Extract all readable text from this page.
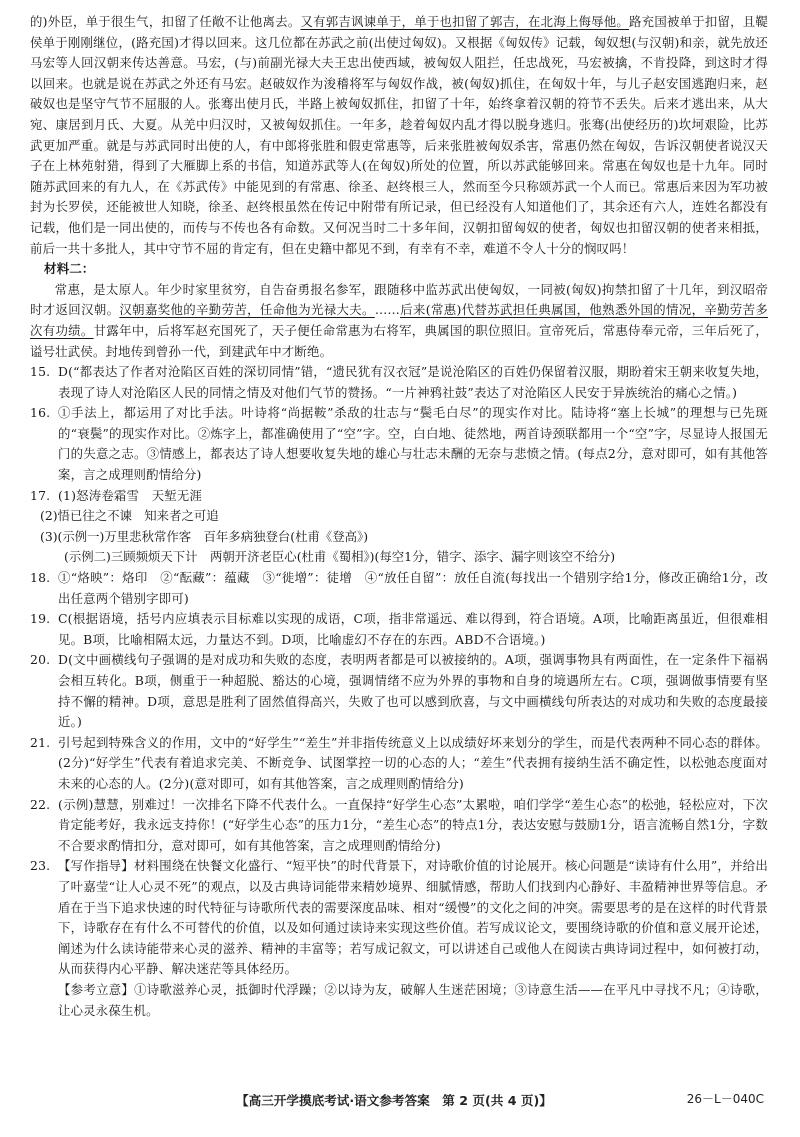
的)外臣，单于很生气，扣留了任敞不让他离去。又有郭吉讽谏单于，单于也扣留了郭吉，在北海上侮辱他。路充国被单于扣留，且鞮侯单于刚刚继位，(路充国)才得以回来。这几位都在苏武之前(出使过匈奴)。又根据《匈奴传》记载，匈奴想(与汉朝)和亲，就先放还马宏等人回汉朝来传达善意。马宏，(与)前副光禄大夫王忠出使西域，被匈奴人阻拦，任忠战死，马宏被擒，不肯投降，到这时才得以回来。也就是说在苏武之外还有马宏。赵破奴作为浚稽将军与匈奴作战，被(匈奴)抓住，在匈奴十年，与儿子赵安国逃跑归来，赵破奴也是坚守气节不屈服的人。张骞出使月氏，半路上被匈奴抓住，扣留了十年，始终拿着汉朝的符节不丢失。后来才逃出来，从大宛、康居到月氏、大夏。从羌中归汉时，又被匈奴抓住。一年多，趁着匈奴内乱才得以脱身逃归。张骞(出使经历的)坎坷艰险，比苏武更加严重。就是与苏武同时出使的人，有中郎将张胜和假吏常惠等，后来张胜被匈奴杀害，常惠仍然在匈奴，告诉汉朝使者说汉天子在上林苑射猎，得到了大雁脚上系的书信，知道苏武等人(在匈奴)所处的位置，所以苏武能够回来。常惠在匈奴也是十九年。同时随苏武回来的有九人，在《苏武传》中能见到的有常惠、徐圣、赵终根三人，然而至今只称颂苏武一个人而已。常惠后来因为军功被封为长罗侯，还能被世人知晓，徐圣、赵终根虽然在传记中附带有所记录，但已经没有人知道他们了，其余还有六人，连姓名都没有记载，他们是一同出使的，而传与不传也各有命数。又何况当时二十多年间，汉朝扣留匈奴的使者，匈奴也扣留汉朝的使者来相抵，前后一共十多批人，其中守节不屈的肯定有，但在史籍中都见不到，有幸有不幸，难道不令人十分的悯叹吗！

材料二：

常惠，是太原人。年少时家里贫穷，自告奋勇报名参军，跟随移中监苏武出使匈奴，一同被(匈奴)拘禁扣留了十几年，到汉昭帝时才返回汉朝。汉朝嘉奖他的辛勤劳苦，任命他为光禄大夫。……后来(常惠)代替苏武担任典属国，他熟悉外国的情况，辛勤劳苦多次有功绩。甘露年中，后将军赵充国死了，天子便任命常惠为右将军，典属国的职位照旧。宣帝死后，常惠侍奉元帝，三年后死了，谥号壮武侯。封地传到曾孙一代，到建武年中才断绝。

15. D(“都表达了作者对沧陷区百姓的深切同情”错，“遗民犹有汉衣冠”是说沧陷区的百姓仍保留着汉服，期盼着宋王朝来收复失地，表现了诗人对沧陷区人民的同情之情及对他们气节的赞扬。“一片神鸦社鼓”表达了对沧陷区人民安于异族统治的痛心之情。)
16. ①手法上，都运用了对比手法。叶诗将“尚据鞍”杀敌的壮志与“鬓毛白尽”的现实作对比。陆诗将“塞上长城”的理想与已先斑的“衰鬓”的现实作对比。②炼字上，都准确使用了“空”字。空，白白地、徒然地，两首诗颈联都用一个“空”字，尽显诗人报国无门的失意之志。③情感上，都表达了诗人想要收复失地的雄心与壮志未酬的无奈与悲愤之情。(每点2分，意对即可，如有其他答案，言之成理则酌情给分)
17. (1)怒涛卷霜雪　天堑无涯
(2)悟已往之不谏　知来者之可追
(3)(示例一)万里悲秋常作客　百年多病独登台(杜甫《登高》)
(示例二)三顾频烦天下计　两朝开济老臣心(杜甫《蜀相》)(每空1分，错字、添字、漏字则该空不给分)
18. ①“烙映”：烙印　②“酝藏”：蕴藏　③“徙增”：徒增　④“放任自留”：放任自流(每找出一个错别字给1分，修改正确给1分，改出任意两个错别字即可)
19. C(根据语境，括号内应填表示目标难以实现的成语，C项，指非常遥远、难以得到，符合语境。A项，比喻距离虽近，但很难相见。B项，比喻相隔太远，力量达不到。D项，比喻虚幻不存在的东西。ABD不合语境。)
20. D(文中画横线句子强调的是对成功和失败的态度，表明两者都是可以被接纳的。A项，强调事物具有两面性，在一定条件下福祸会相互转化。B项，侧重于一种超脱、豁达的心境，强调情绪不应为外界的事物和自身的境遇所左右。C项，强调做事情要有坚持不懈的精神。D项，意思是胜利了固然值得高兴，失败了也可以感到欣喜，与文中画横线句所表达的对成功和失败的态度最接近。)
21. 引号起到特殊含义的作用，文中的“好学生”“差生”并非指传统意义上以成绩好坏来划分的学生，而是代表两种不同心态的群体。(2分)“好学生”代表有着追求完美、不断竞争、试图掌控一切的心态的人；“差生”代表拥有接纳生活不确定性，以松弛态度面对未来的心态的人。(2分)(意对即可，如有其他答案，言之成理则酌情给分)
22. (示例)慧慧，别难过！一次排名下降不代表什么。一直保持“好学生心态”太累啦，咱们学学“差生心态”的松弛，轻松应对，下次肯定能考好，我永远支持你！(“好学生心态”的压力1分，“差生心态”的特点1分，表达安慰与鼓励1分，语言流畅自然1分，字数不合要求酌情扣分，意对即可，如有其他答案，言之成理则酌情给分)
23. 【写作指导】材料围绕在快餐文化盛行、“短平快”的时代背景下，对诗歌价值的讨论展开。核心问题是“读诗有什么用”，并给出了叶嘉莹“让人心灵不死”的观点，以及古典诗词能带来精妙境界、细腻情感，帮助人们找到内心静好、丰盈精神世界等信息。矛盾在于当下追求快速的时代特征与诗歌所代表的需要深度品味、相对“缓慢”的文化之间的冲突。需要思考的是在这样的时代背景下，诗歌存在有什么不可替代的价值，以及如何通过读诗来实现这些价值。若写成议论文，要围绕诗歌的价值和意义展开论述，阐述为什么读诗能带来心灵的滋养、精神的丰富等；若写成记叙文，可以讲述自己或他人在阅读古典诗词过程中，如何被打动，从而获得内心平静、解决迷茫等具体经历。
【参考立意】①诗歌滋养心灵，抵御时代浮躁；②以诗为友，破解人生迷茫困境；③诗意生活——在平凡中寻找不凡；④诗歌，让心灵永葆生机。
【高三开学摸底考试·语文参考答案　第 2 页(共 4 页)】	26－L－040C
